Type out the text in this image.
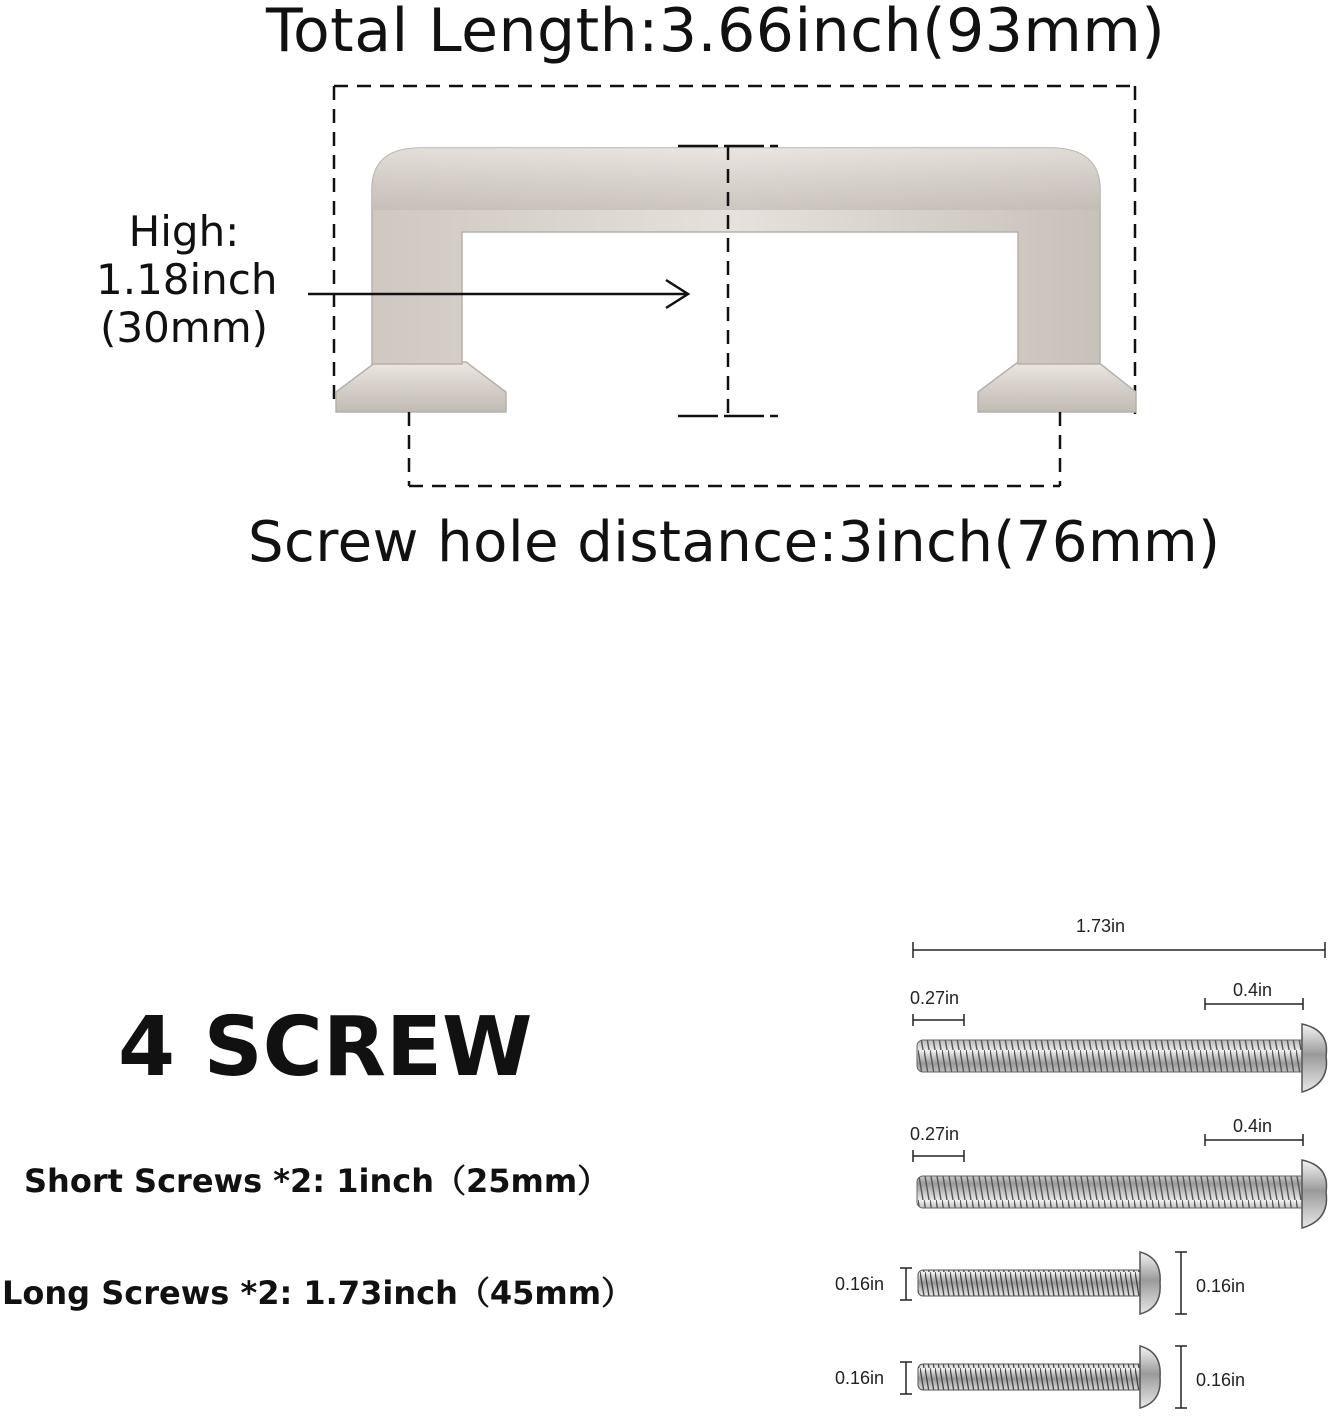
Total Length:3.66inch(93mm)
High:
1.18inch
(30mm)
Screw hole distance:3inch(76mm)
4 SCREW
Short Screws *2: 1inch（25mm）
Long Screws *2: 1.73inch（45mm）
1.73in
0.27in	0.4in
0.27in	0.4in
0.16in	0.16in
0.16in	0.16in
